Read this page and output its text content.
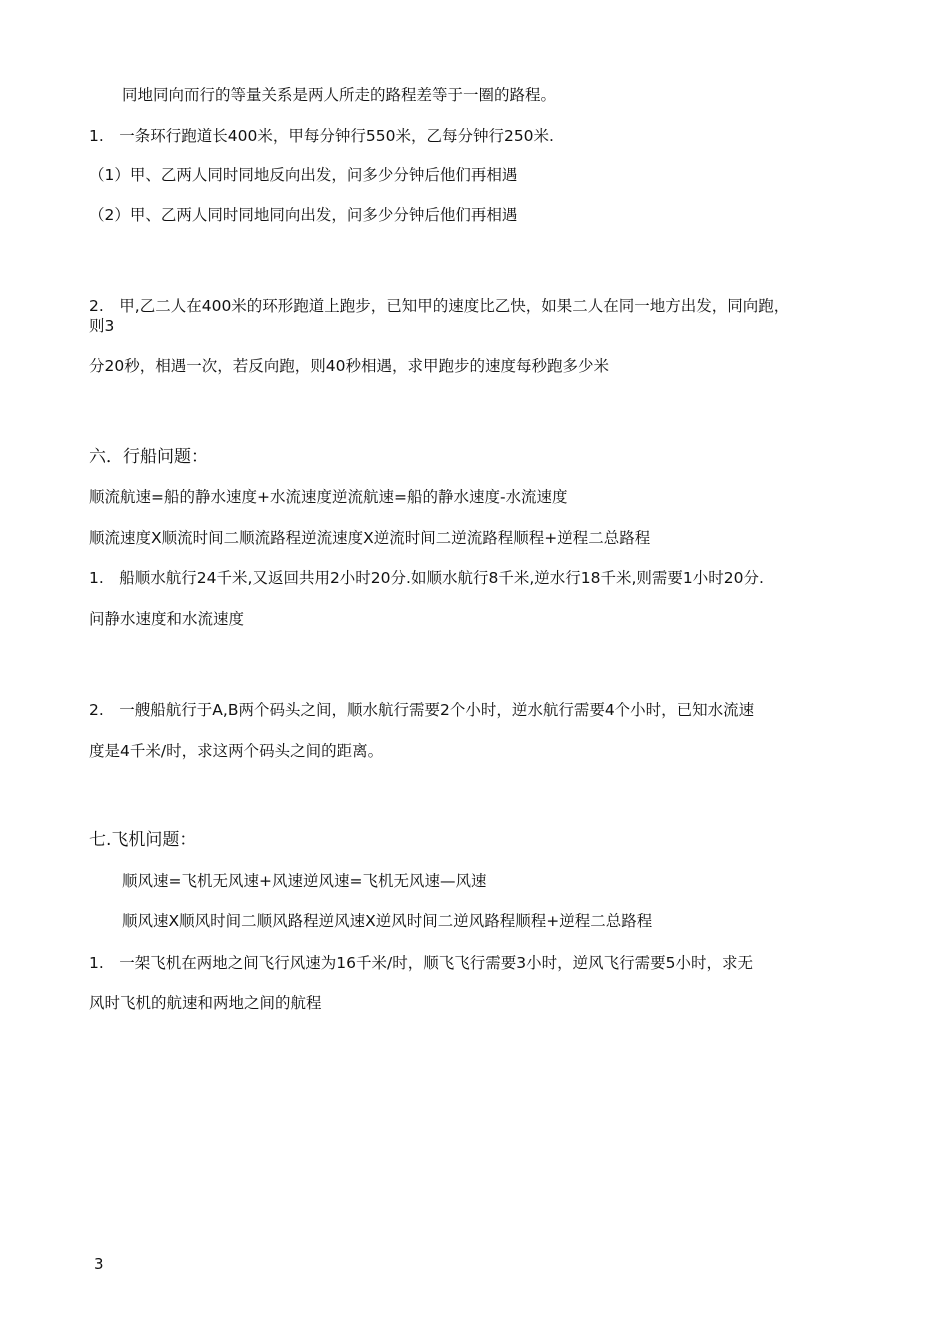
同地同向而行的等量关系是两人所走的路程差等于一圈的路程。

1.　一条环行跑道长400米，甲每分钟行550米，乙每分钟行250米.

（1）甲、乙两人同时同地反向出发，问多少分钟后他们再相遇

（2）甲、乙两人同时同地同向出发，问多少分钟后他们再相遇

2.　甲,乙二人在400米的环形跑道上跑步，已知甲的速度比乙快，如果二人在同一地方出发，同向跑，

则3

分20秒，相遇一次，若反向跑，则40秒相遇，求甲跑步的速度每秒跑多少米

六．行船问题：

顺流航速=船的静水速度+水流速度逆流航速=船的静水速度-水流速度

顺流速度X顺流时间二顺流路程逆流速度X逆流时间二逆流路程顺程+逆程二总路程

1.　船顺水航行24千米,又返回共用2小时20分.如顺水航行8千米,逆水行18千米,则需要1小时20分.

问静水速度和水流速度

2.　一艘船航行于A,B两个码头之间，顺水航行需要2个小时，逆水航行需要4个小时，已知水流速

度是4千米/时，求这两个码头之间的距离。

七.飞机问题：

顺风速=飞机无风速+风速逆风速=飞机无风速—风速

顺风速X顺风时间二顺风路程逆风速X逆风时间二逆风路程顺程+逆程二总路程

1.　一架飞机在两地之间飞行风速为16千米/时，顺飞飞行需要3小时，逆风飞行需要5小时，求无

风时飞机的航速和两地之间的航程

3
